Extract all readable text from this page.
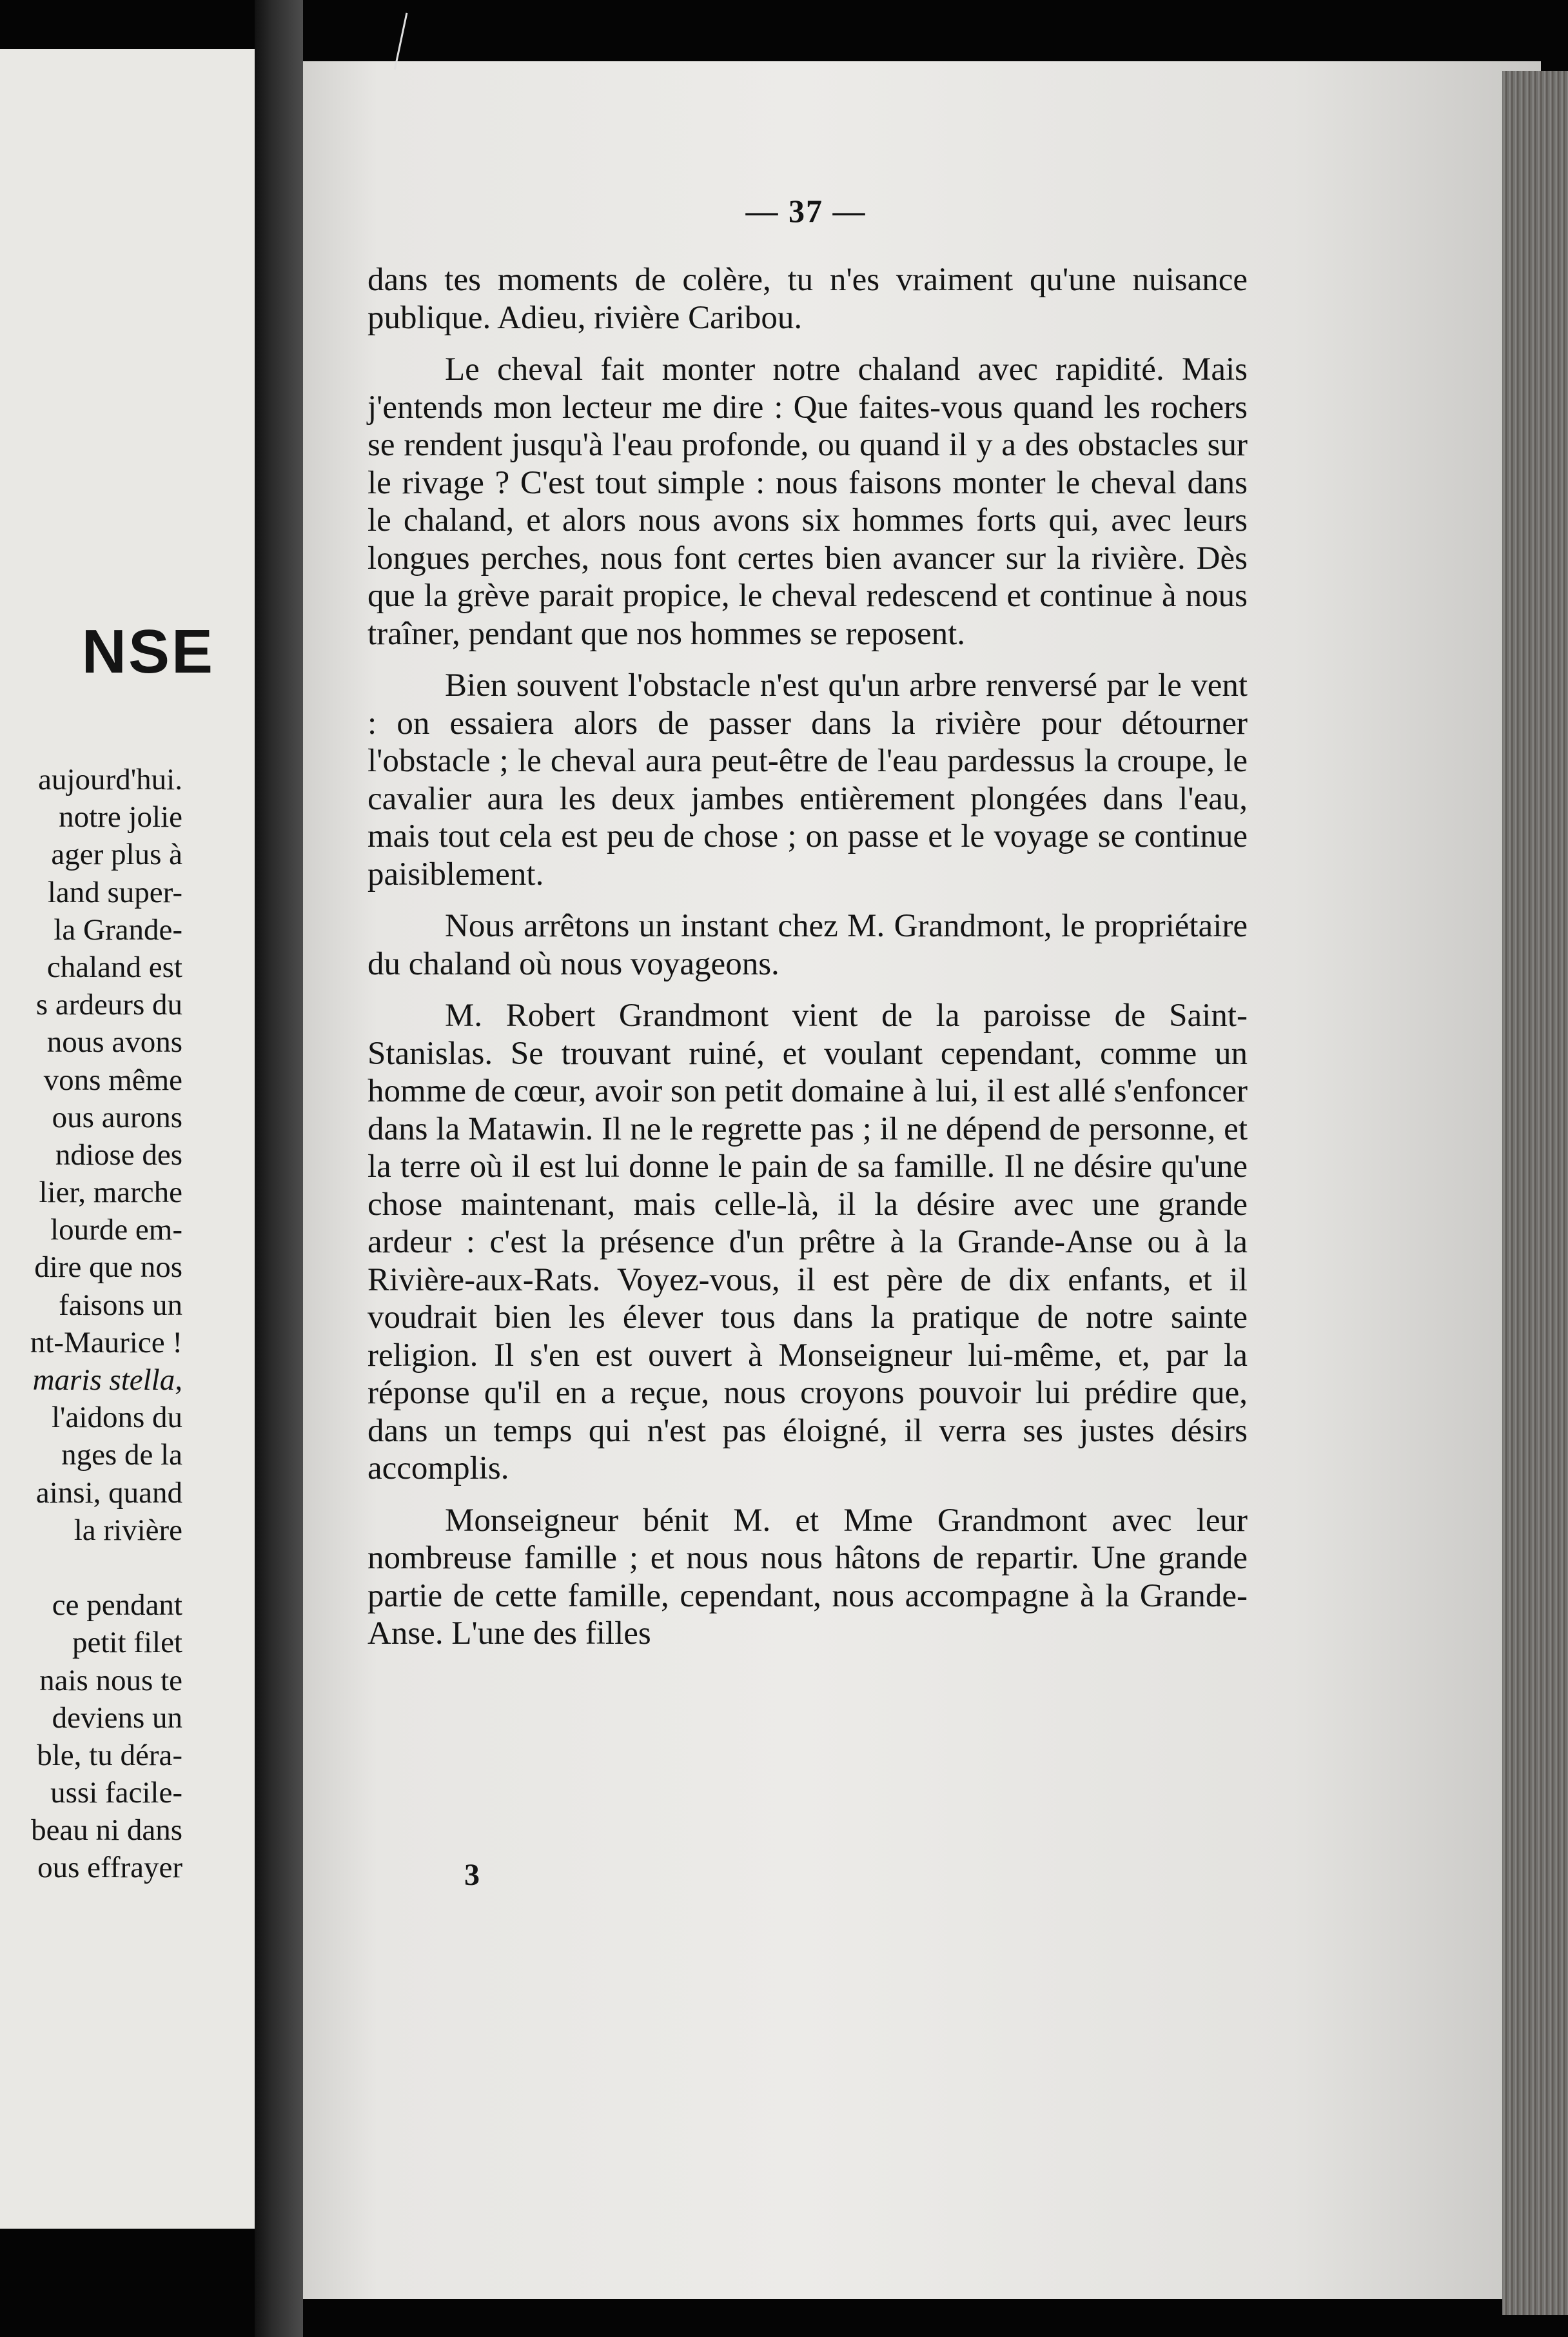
NSE
aujourd'hui.
notre jolie
ager plus à
land super-
la Grande-
chaland est
s ardeurs du
nous avons
vons même
ous aurons
ndiose des
lier, marche
lourde em-
dire que nos
faisons un
nt-Maurice !
maris stella,
l'aidons du
nges de la
ainsi, quand
la rivière
ce pendant
petit filet
nais nous te
deviens un
ble, tu déra-
ussi facile-
beau ni dans
ous effrayer
— 37 —

dans tes moments de colère, tu n'es vraiment qu'une nuisance publique. Adieu, rivière Caribou.

Le cheval fait monter notre chaland avec rapidité. Mais j'entends mon lecteur me dire : Que faites-vous quand les rochers se rendent jusqu'à l'eau profonde, ou quand il y a des obstacles sur le rivage ? C'est tout simple : nous faisons monter le cheval dans le chaland, et alors nous avons six hommes forts qui, avec leurs longues perches, nous font certes bien avancer sur la rivière. Dès que la grève parait propice, le cheval redescend et continue à nous traîner, pendant que nos hommes se reposent.

Bien souvent l'obstacle n'est qu'un arbre renversé par le vent : on essaiera alors de passer dans la rivière pour détourner l'obstacle ; le cheval aura peut-être de l'eau pardessus la croupe, le cavalier aura les deux jambes entièrement plongées dans l'eau, mais tout cela est peu de chose ; on passe et le voyage se continue paisiblement.

Nous arrêtons un instant chez M. Grandmont, le propriétaire du chaland où nous voyageons.

M. Robert Grandmont vient de la paroisse de Saint-Stanislas. Se trouvant ruiné, et voulant cependant, comme un homme de cœur, avoir son petit domaine à lui, il est allé s'enfoncer dans la Matawin. Il ne le regrette pas ; il ne dépend de personne, et la terre où il est lui donne le pain de sa famille. Il ne désire qu'une chose maintenant, mais celle-là, il la désire avec une grande ardeur : c'est la présence d'un prêtre à la Grande-Anse ou à la Rivière-aux-Rats. Voyez-vous, il est père de dix enfants, et il voudrait bien les élever tous dans la pratique de notre sainte religion. Il s'en est ouvert à Monseigneur lui-même, et, par la réponse qu'il en a reçue, nous croyons pouvoir lui prédire que, dans un temps qui n'est pas éloigné, il verra ses justes désirs accomplis.

Monseigneur bénit M. et Mme Grandmont avec leur nombreuse famille ; et nous nous hâtons de repartir. Une grande partie de cette famille, cependant, nous accompagne à la Grande-Anse. L'une des filles

3
